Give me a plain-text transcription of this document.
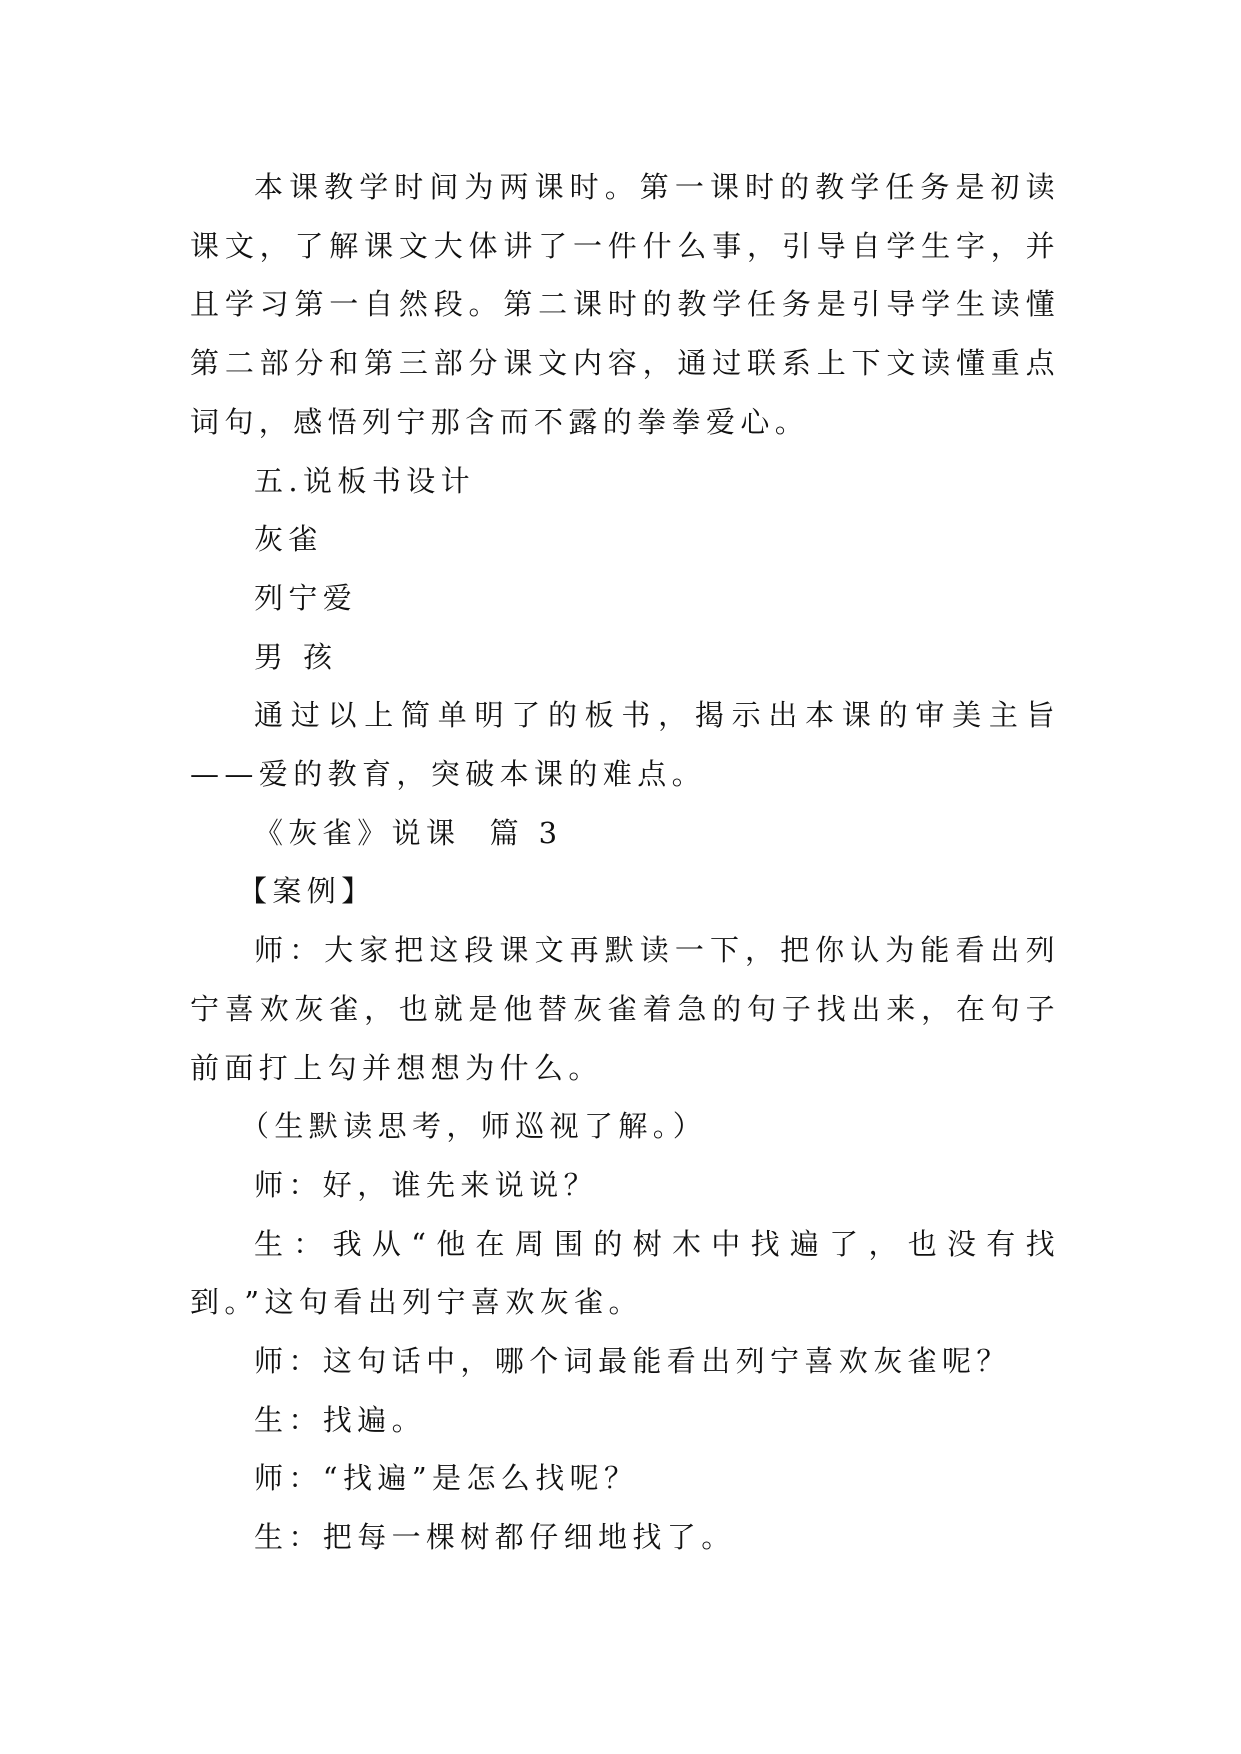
本课教学时间为两课时。第一课时的教学任务是初读课文，了解课文大体讲了一件什么事，引导自学生字，并且学习第一自然段。第二课时的教学任务是引导学生读懂第二部分和第三部分课文内容，通过联系上下文读懂重点词句，感悟列宁那含而不露的拳拳爱心。

五.说板书设计

灰雀

列宁爱

男 孩

通过以上简单明了的板书，揭示出本课的审美主旨——爱的教育，突破本课的难点。

《灰雀》说课  篇 3

【案例】

师：大家把这段课文再默读一下，把你认为能看出列宁喜欢灰雀，也就是他替灰雀着急的句子找出来，在句子前面打上勾并想想为什么。

（生默读思考，师巡视了解。）

师：好，谁先来说说？

生：我从“他在周围的树木中找遍了，也没有找到。”这句看出列宁喜欢灰雀。

师：这句话中，哪个词最能看出列宁喜欢灰雀呢？

生：找遍。

师：“找遍”是怎么找呢？

生：把每一棵树都仔细地找了。
